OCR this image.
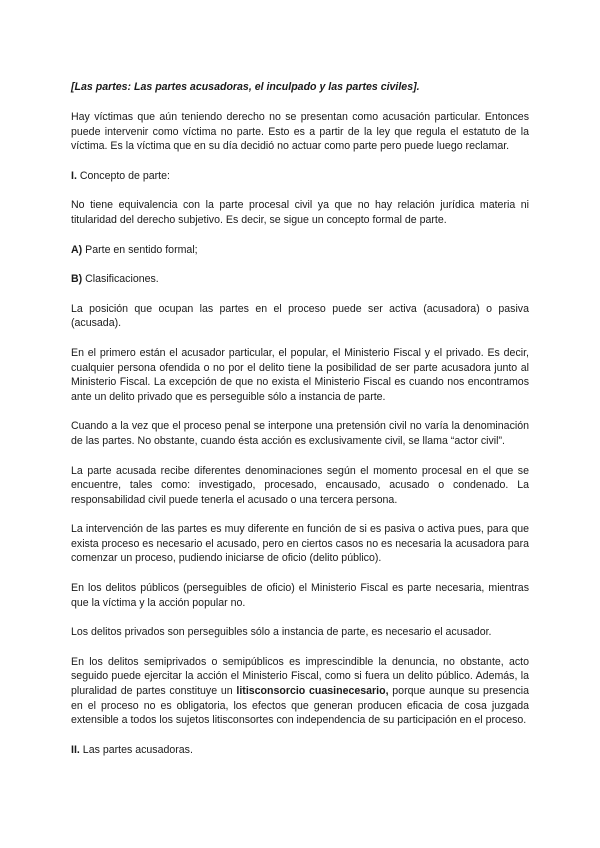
[Las partes: Las partes acusadoras, el inculpado y las partes civiles].

Hay víctimas que aún teniendo derecho no se presentan como acusación particular. Entonces puede intervenir como víctima no parte. Esto es a partir de la ley que regula el estatuto de la víctima. Es la víctima que en su día decidió no actuar como parte pero puede luego reclamar.

I. Concepto de parte:

No tiene equivalencia con la parte procesal civil ya que no hay relación jurídica materia ni titularidad del derecho subjetivo. Es decir, se sigue un concepto formal de parte.

A) Parte en sentido formal;

B) Clasificaciones.

La posición que ocupan las partes en el proceso puede ser activa (acusadora) o pasiva (acusada).

En el primero están el acusador particular, el popular, el Ministerio Fiscal y el privado. Es decir, cualquier persona ofendida o no por el delito tiene la posibilidad de ser parte acusadora junto al Ministerio Fiscal. La excepción de que no exista el Ministerio Fiscal es cuando nos encontramos ante un delito privado que es perseguible sólo a instancia de parte.

Cuando a la vez que el proceso penal se interpone una pretensión civil no varía la denominación de las partes. No obstante, cuando ésta acción es exclusivamente civil, se llama “actor civil”.

La parte acusada recibe diferentes denominaciones según el momento procesal en el que se encuentre, tales como: investigado, procesado, encausado, acusado o condenado. La responsabilidad civil puede tenerla el acusado o una tercera persona.

La intervención de las partes es muy diferente en función de si es pasiva o activa pues, para que exista proceso es necesario el acusado, pero en ciertos casos no es necesaria la acusadora para comenzar un proceso, pudiendo iniciarse de oficio (delito público).

En los delitos públicos (perseguibles de oficio) el Ministerio Fiscal es parte necesaria, mientras que la víctima y la acción popular no.

Los delitos privados son perseguibles sólo a instancia de parte, es necesario el acusador.

En los delitos semiprivados o semipúblicos es imprescindible la denuncia, no obstante, acto seguido puede ejercitar la acción el Ministerio Fiscal, como si fuera un delito público. Además, la pluralidad de partes constituye un litisconsorcio cuasinecesario, porque aunque su presencia en el proceso no es obligatoria, los efectos que generan producen eficacia de cosa juzgada extensible a todos los sujetos litisconsortes con independencia de su participación en el proceso.

II. Las partes acusadoras.
